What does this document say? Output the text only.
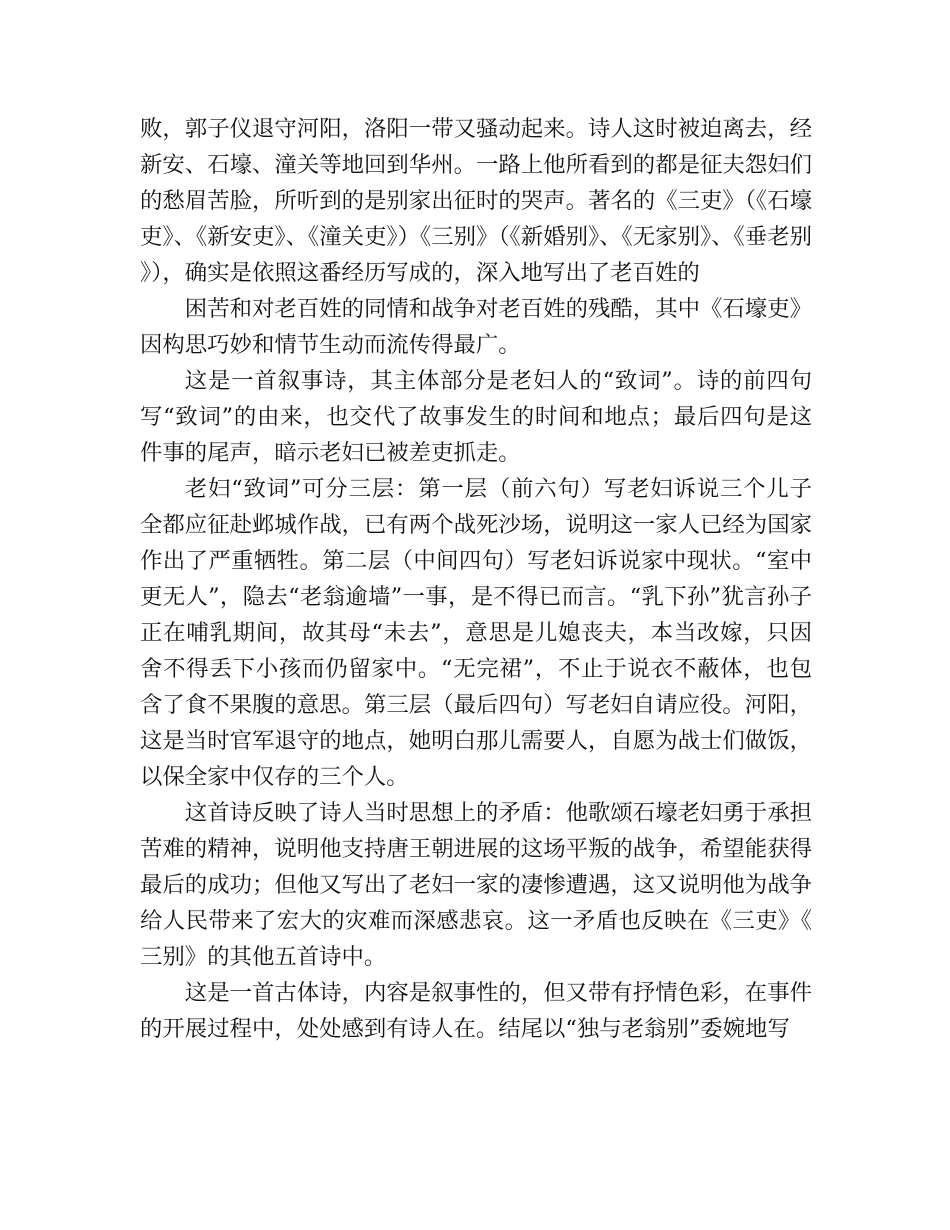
败，郭子仪退守河阳，洛阳一带又骚动起来。诗人这时被迫离去，经新安、石壕、潼关等地回到华州。一路上他所看到的都是征夫怨妇们的愁眉苦脸，所听到的是别家出征时的哭声。著名的《三吏》（《石壕吏》、《新安吏》、《潼关吏》）《三别》（《新婚别》、《无家别》、《垂老别》），确实是依照这番经历写成的，深入地写出了老百姓的

困苦和对老百姓的同情和战争对老百姓的残酷，其中《石壕吏》因构思巧妙和情节生动而流传得最广。

这是一首叙事诗，其主体部分是老妇人的“致词”。诗的前四句写“致词”的由来，也交代了故事发生的时间和地点；最后四句是这件事的尾声，暗示老妇已被差吏抓走。

老妇“致词”可分三层：第一层（前六句）写老妇诉说三个儿子全都应征赴邺城作战，已有两个战死沙场，说明这一家人已经为国家作出了严重牺牲。第二层（中间四句）写老妇诉说家中现状。“室中更无人”，隐去“老翁逾墙”一事，是不得已而言。“乳下孙”犹言孙子正在哺乳期间，故其母“未去”，意思是儿媳丧夫，本当改嫁，只因舍不得丢下小孩而仍留家中。“无完裙”，不止于说衣不蔽体，也包含了食不果腹的意思。第三层（最后四句）写老妇自请应役。河阳，这是当时官军退守的地点，她明白那儿需要人，自愿为战士们做饭，以保全家中仅存的三个人。

这首诗反映了诗人当时思想上的矛盾：他歌颂石壕老妇勇于承担苦难的精神，说明他支持唐王朝进展的这场平叛的战争，希望能获得最后的成功；但他又写出了老妇一家的凄惨遭遇，这又说明他为战争给人民带来了宏大的灾难而深感悲哀。这一矛盾也反映在《三吏》《三别》的其他五首诗中。

这是一首古体诗，内容是叙事性的，但又带有抒情色彩，在事件的开展过程中，处处感到有诗人在。结尾以“独与老翁别”委婉地写
